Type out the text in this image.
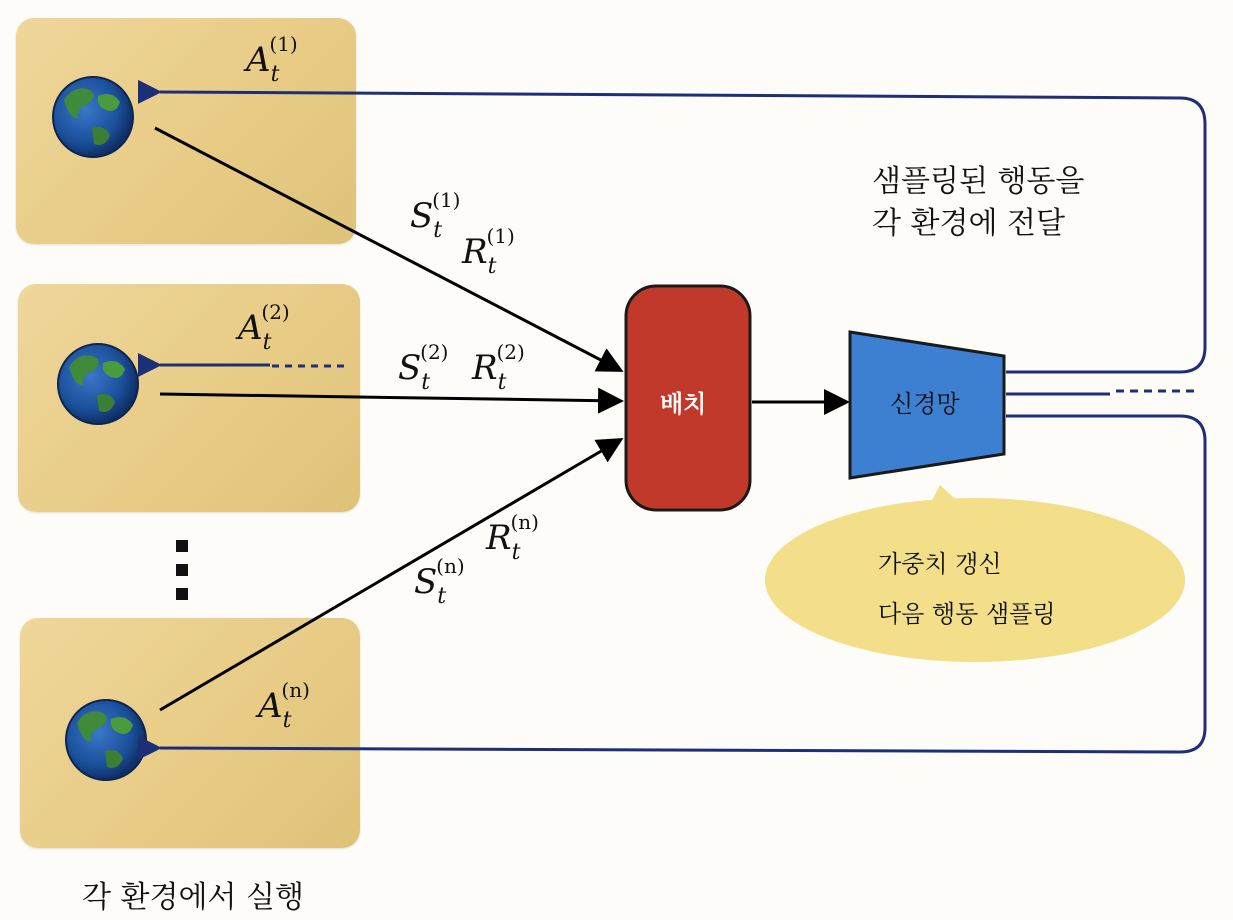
At(1)
At(2)
At(n)
St(1)
Rt(1)
St(2) Rt(2)
Rt(n)
St(n)
배치	신경망
샘플링된 행동을
각 환경에 전달
가중치 갱신
다음 행동 샘플링
각 환경에서 실행
